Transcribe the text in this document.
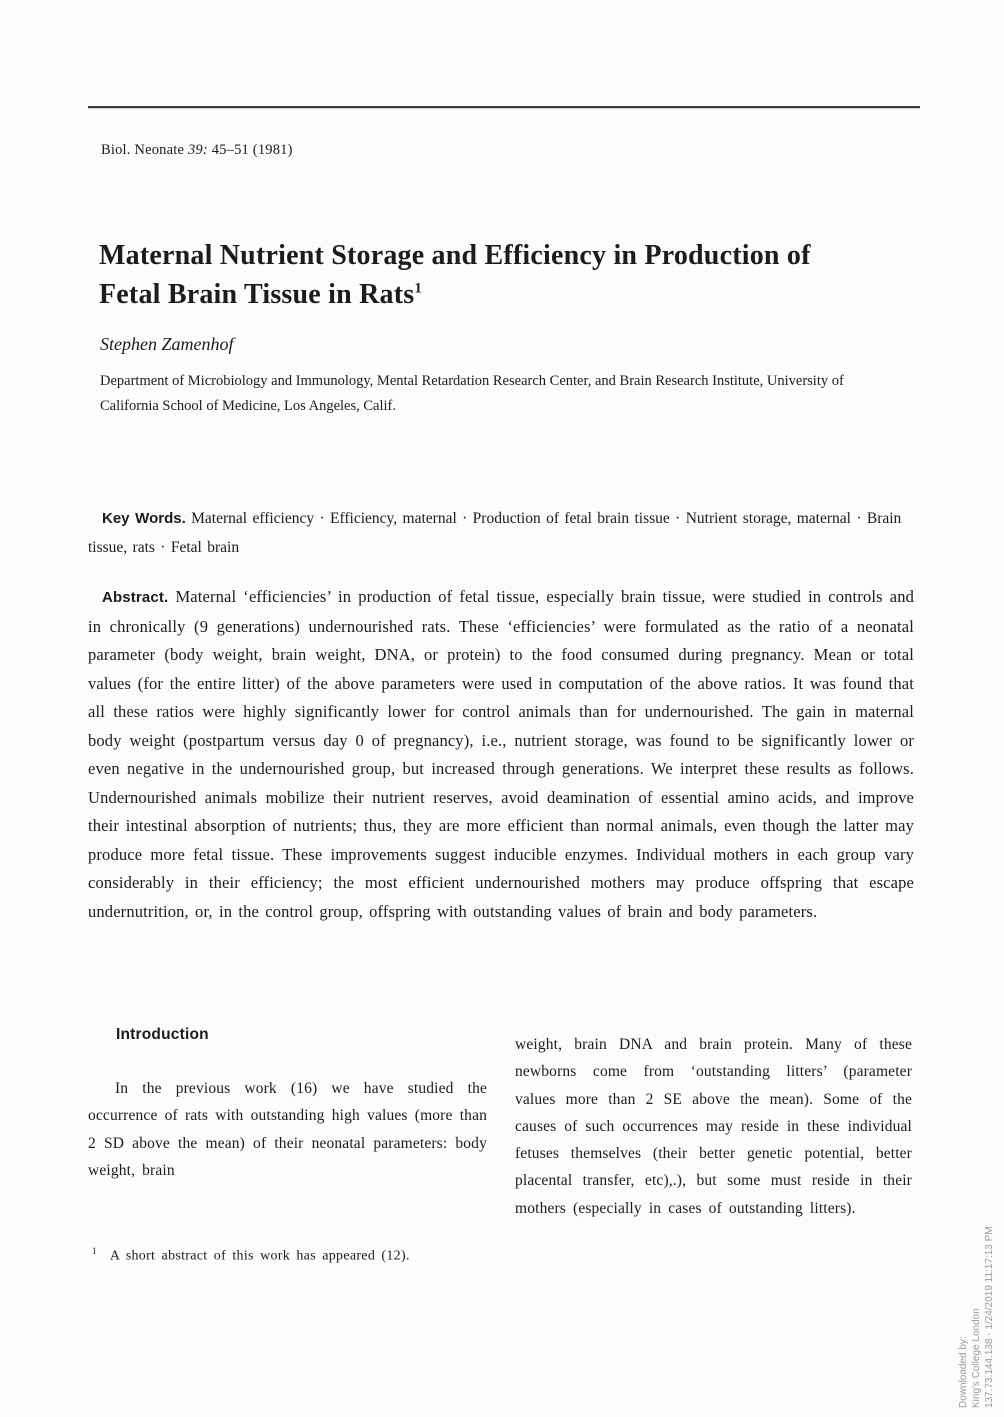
Biol. Neonate 39: 45–51 (1981)
Maternal Nutrient Storage and Efficiency in Production of
Fetal Brain Tissue in Rats$^1$
Stephen Zamenhof
Department of Microbiology and Immunology, Mental Retardation Research Center, and Brain Research Institute, University of California School of Medicine, Los Angeles, Calif.

Key Words. Maternal efficiency · Efficiency, maternal · Production of fetal brain tissue · Nutrient storage, maternal · Brain tissue, rats · Fetal brain

Abstract. Maternal ‘efficiencies’ in production of fetal tissue, especially brain tissue, were studied in controls and in chronically (9 generations) undernourished rats. These ‘efficiencies’ were formulated as the ratio of a neonatal parameter (body weight, brain weight, DNA, or protein) to the food consumed during pregnancy. Mean or total values (for the entire litter) of the above parameters were used in computation of the above ratios. It was found that all these ratios were highly significantly lower for control animals than for undernourished. The gain in maternal body weight (postpartum versus day 0 of pregnancy), i.e., nutrient storage, was found to be significantly lower or even negative in the undernourished group, but increased through generations. We interpret these results as follows. Undernourished animals mobilize their nutrient reserves, avoid deamination of essential amino acids, and improve their intestinal absorption of nutrients; thus, they are more efficient than normal animals, even though the latter may produce more fetal tissue. These improvements suggest inducible enzymes. Individual mothers in each group vary considerably in their efficiency; the most efficient undernourished mothers may produce offspring that escape undernutrition, or, in the control group, offspring with outstanding values of brain and body parameters.

Introduction

In the previous work (16) we have studied the occurrence of rats with outstanding high values (more than 2 SD above the mean) of their neonatal parameters: body weight, brain

weight, brain DNA and brain protein. Many of these newborns come from ‘outstanding litters’ (parameter values more than 2 SE above the mean). Some of the causes of such occurrences may reside in these individual fetuses themselves (their better genetic potential, better placental transfer, etc),.), but some must reside in their mothers (especially in cases of outstanding litters).

$^1$ A short abstract of this work has appeared (12).
Downloaded by: King's College London 137.73.144.138 - 1/24/2019 11:17:13 PM
